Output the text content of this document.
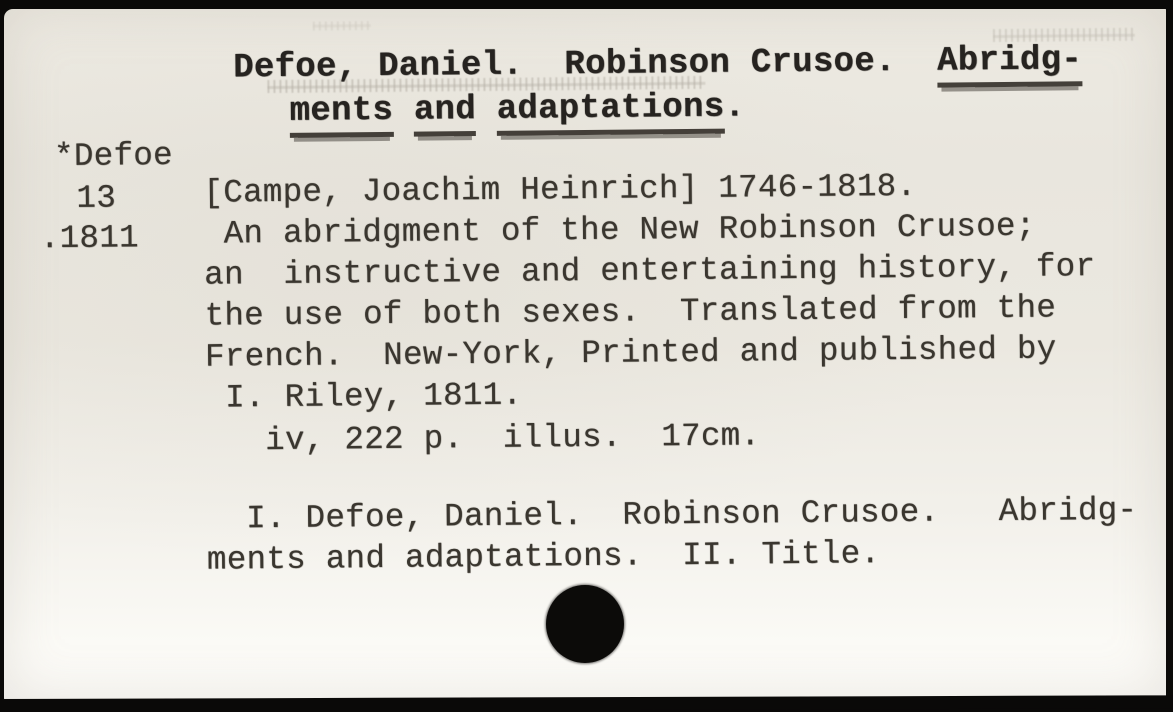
Defoe, Daniel.  Robinson Crusoe.  Abridg-
ments and adaptations.
*Defoe
13
.1811
[Campe, Joachim Heinrich] 1746-1818.
An abridgment of the New Robinson Crusoe;
an  instructive and entertaining history, for
the use of both sexes.  Translated from the
French.  New-York, Printed and published by
I. Riley, 1811.
iv, 222 p.  illus.  17cm.
I. Defoe, Daniel.  Robinson Crusoe.   Abridg-
ments and adaptations.  II. Title.
